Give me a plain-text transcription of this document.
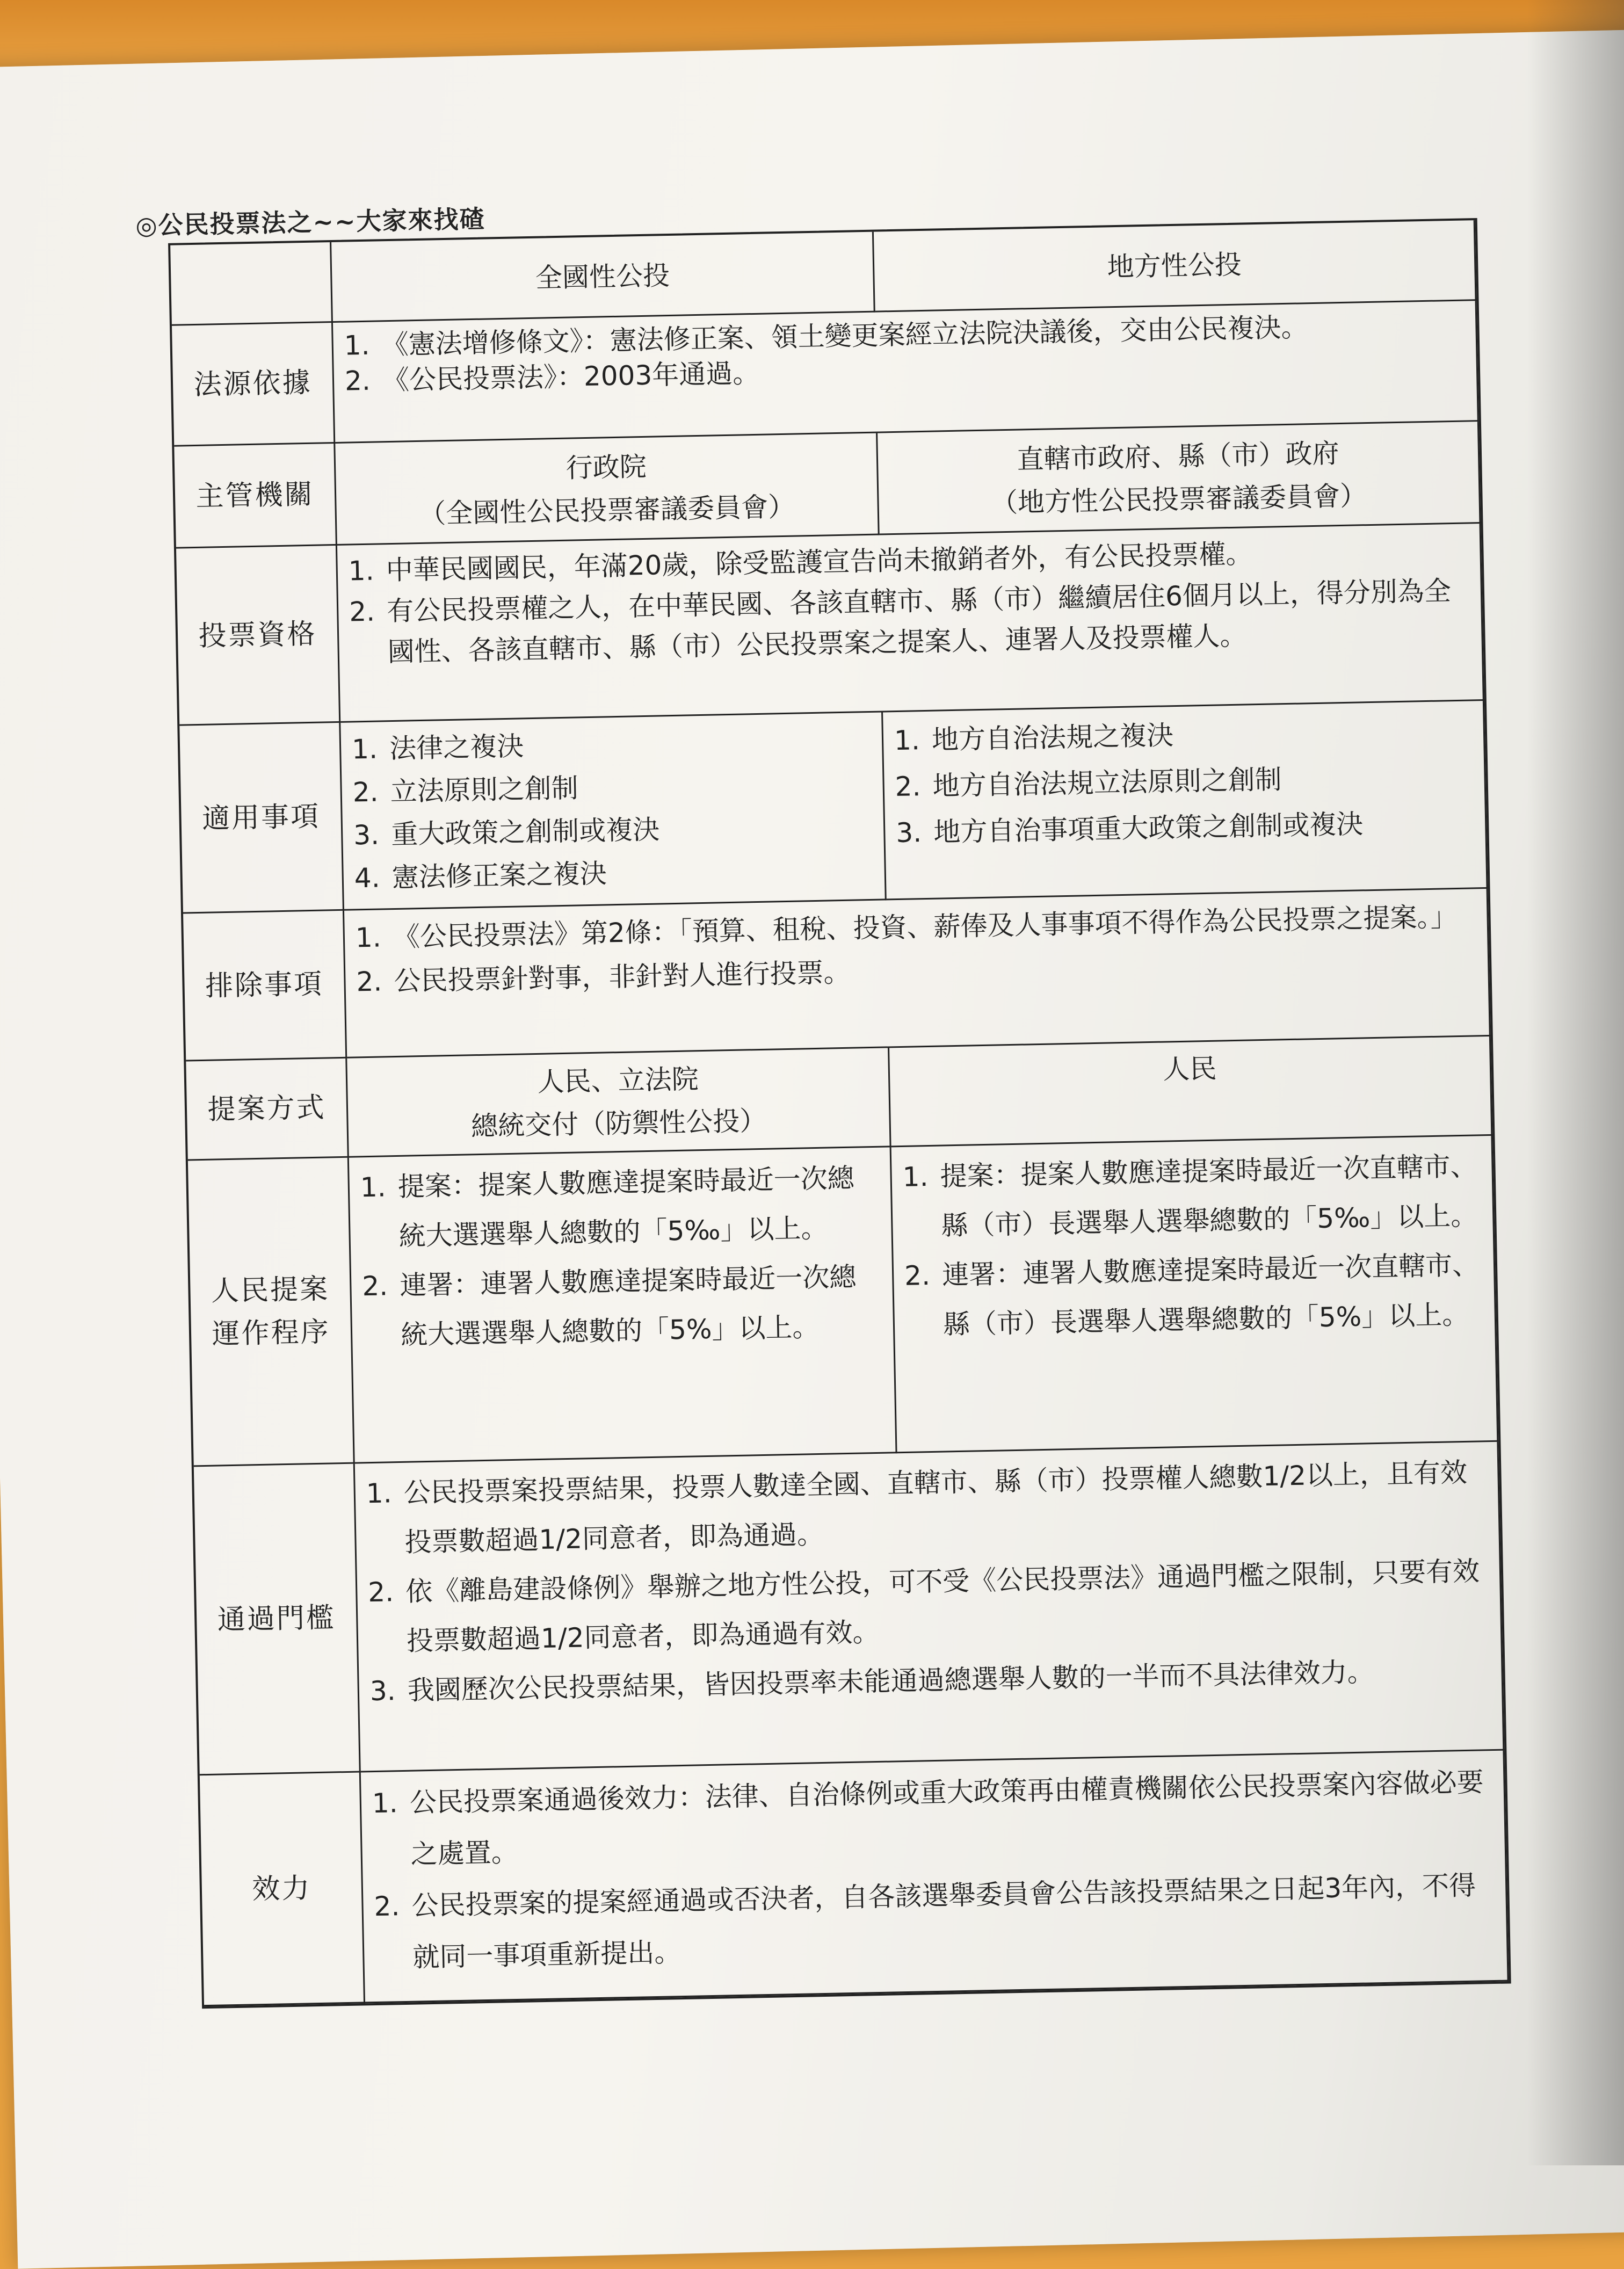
◎公民投票法之~~大家來找碴
全國性公投	地方性公投
法源依據
1. 《憲法增修條文》：憲法修正案、領土變更案經立法院決議後，交由公民複決。
2. 《公民投票法》：2003年通過。
主管機關
行政院
（全國性公民投票審議委員會）
直轄市政府、縣（市）政府
（地方性公民投票審議委員會）
投票資格
1. 中華民國國民，年滿20歲，除受監護宣告尚未撤銷者外，有公民投票權。
2. 有公民投票權之人，在中華民國、各該直轄市、縣（市）繼續居住6個月以上，得分別為全國性、各該直轄市、縣（市）公民投票案之提案人、連署人及投票權人。
適用事項
1. 法律之複決
2. 立法原則之創制
3. 重大政策之創制或複決
4. 憲法修正案之複決
1. 地方自治法規之複決
2. 地方自治法規立法原則之創制
3. 地方自治事項重大政策之創制或複決
排除事項
1. 《公民投票法》第2條：「預算、租稅、投資、薪俸及人事事項不得作為公民投票之提案。」
2. 公民投票針對事，非針對人進行投票。
提案方式
人民、立法院
總統交付（防禦性公投）
人民
人民提案
運作程序
1. 提案：提案人數應達提案時最近一次總統大選選舉人總數的「5‰」以上。
2. 連署：連署人數應達提案時最近一次總統大選選舉人總數的「5%」以上。
1. 提案：提案人數應達提案時最近一次直轄市、縣（市）長選舉人選舉總數的「5‰」以上。
2. 連署：連署人數應達提案時最近一次直轄市、縣（市）長選舉人選舉總數的「5%」以上。
通過門檻
1. 公民投票案投票結果，投票人數達全國、直轄市、縣（市）投票權人總數1/2以上，且有效投票數超過1/2同意者，即為通過。
2. 依《離島建設條例》舉辦之地方性公投，可不受《公民投票法》通過門檻之限制，只要有效投票數超過1/2同意者，即為通過有效。
3. 我國歷次公民投票結果，皆因投票率未能通過總選舉人數的一半而不具法律效力。
效力
1. 公民投票案通過後效力：法律、自治條例或重大政策再由權責機關依公民投票案內容做必要之處置。
2. 公民投票案的提案經通過或否決者，自各該選舉委員會公告該投票結果之日起3年內，不得就同一事項重新提出。
